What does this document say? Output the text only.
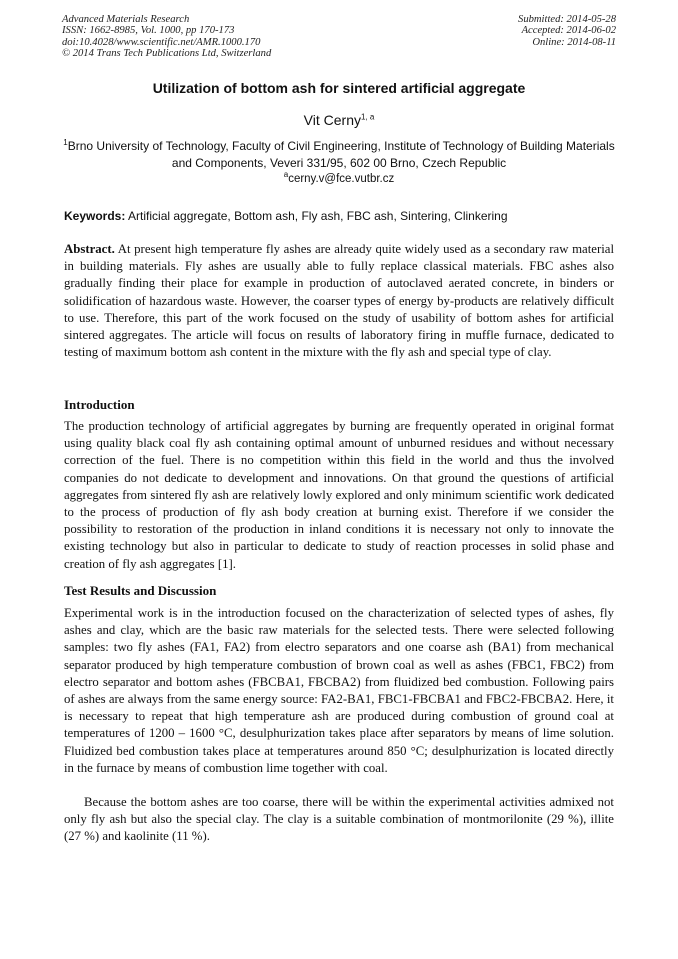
Advanced Materials Research
ISSN: 1662-8985, Vol. 1000, pp 170-173
doi:10.4028/www.scientific.net/AMR.1000.170
© 2014 Trans Tech Publications Ltd, Switzerland
Submitted: 2014-05-28
Accepted: 2014-06-02
Online: 2014-08-11
Utilization of bottom ash for sintered artificial aggregate
Vit Cerny$^{1, a}$
$^1$Brno University of Technology, Faculty of Civil Engineering, Institute of Technology of Building Materials and Components, Veveri 331/95, 602 00 Brno, Czech Republic
$^a$cerny.v@fce.vutbr.cz
Keywords: Artificial aggregate, Bottom ash, Fly ash, FBC ash, Sintering, Clinkering

Abstract. At present high temperature fly ashes are already quite widely used as a secondary raw material in building materials. Fly ashes are usually able to fully replace classical materials. FBC ashes also gradually finding their place for example in production of autoclaved aerated concrete, in binders or solidification of hazardous waste. However, the coarser types of energy by-products are relatively difficult to use. Therefore, this part of the work focused on the study of usability of bottom ashes for artificial sintered aggregates. The article will focus on results of laboratory firing in muffle furnace, dedicated to testing of maximum bottom ash content in the mixture with the fly ash and special type of clay.

Introduction

The production technology of artificial aggregates by burning are frequently operated in original format using quality black coal fly ash containing optimal amount of unburned residues and without necessary correction of the fuel. There is no competition within this field in the world and thus the involved companies do not dedicate to development and innovations. On that ground the questions of artificial aggregates from sintered fly ash are relatively lowly explored and only minimum scientific work dedicated to the process of production of fly ash body creation at burning exist. Therefore if we consider the possibility to restoration of the production in inland conditions it is necessary not only to innovate the existing technology but also in particular to dedicate to study of reaction processes in solid phase and creation of fly ash aggregates [1].

Test Results and Discussion

Experimental work is in the introduction focused on the characterization of selected types of ashes, fly ashes and clay, which are the basic raw materials for the selected tests. There were selected following samples: two fly ashes (FA1, FA2) from electro separators and one coarse ash (BA1) from mechanical separator produced by high temperature combustion of brown coal as well as ashes (FBC1, FBC2) from electro separator and bottom ashes (FBCBA1, FBCBA2) from fluidized bed combustion. Following pairs of ashes are always from the same energy source: FA2-BA1, FBC1-FBCBA1 and FBC2-FBCBA2. Here, it is necessary to repeat that high temperature ash are produced during combustion of ground coal at temperatures of 1200 – 1600 °C, desulphurization takes place after separators by means of lime solution. Fluidized bed combustion takes place at temperatures around 850 °C; desulphurization is located directly in the furnace by means of combustion lime together with coal.

Because the bottom ashes are too coarse, there will be within the experimental activities admixed not only fly ash but also the special clay. The clay is a suitable combination of montmorilonite (29 %), illite (27 %) and kaolinite (11 %).
